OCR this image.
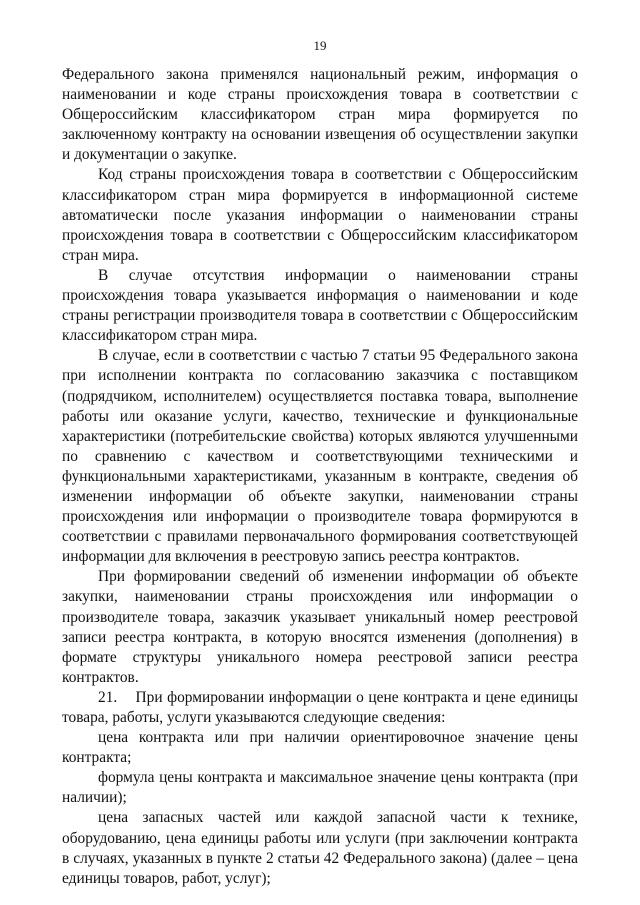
19

Федерального закона применялся национальный режим, информация о наименовании и коде страны происхождения товара в соответствии с Общероссийским классификатором стран мира формируется по заключенному контракту на основании извещения об осуществлении закупки и документации о закупке.

Код страны происхождения товара в соответствии с Общероссийским классификатором стран мира формируется в информационной системе автоматически после указания информации о наименовании страны происхождения товара в соответствии с Общероссийским классификатором стран мира.

В случае отсутствия информации о наименовании страны происхождения товара указывается информация о наименовании и коде страны регистрации производителя товара в соответствии с Общероссийским классификатором стран мира.

В случае, если в соответствии с частью 7 статьи 95 Федерального закона при исполнении контракта по согласованию заказчика с поставщиком (подрядчиком, исполнителем) осуществляется поставка товара, выполнение работы или оказание услуги, качество, технические и функциональные характеристики (потребительские свойства) которых являются улучшенными по сравнению с качеством и соответствующими техническими и функциональными характеристиками, указанным в контракте, сведения об изменении информации об объекте закупки, наименовании страны происхождения или информации о производителе товара формируются в соответствии с правилами первоначального формирования соответствующей информации для включения в реестровую запись реестра контрактов.

При формировании сведений об изменении информации об объекте закупки, наименовании страны происхождения или информации о производителе товара, заказчик указывает уникальный номер реестровой записи реестра контракта, в которую вносятся изменения (дополнения) в формате структуры уникального номера реестровой записи реестра контрактов.

21.    При формировании информации о цене контракта и цене единицы товара, работы, услуги указываются следующие сведения:

цена контракта или при наличии ориентировочное значение цены контракта;

формула цены контракта и максимальное значение цены контракта (при наличии);

цена запасных частей или каждой запасной части к технике, оборудованию, цена единицы работы или услуги (при заключении контракта в случаях, указанных в пункте 2 статьи 42 Федерального закона) (далее – цена единицы товаров, работ, услуг);
